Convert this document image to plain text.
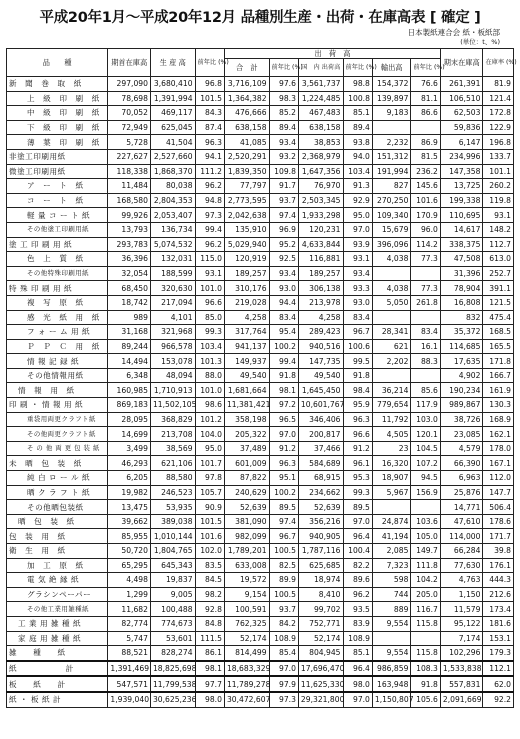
平成20年1月～平成20年12月 品種別生産・出荷・在庫高表 [ 確定 ]
日本製紙連合会 紙・板紙部
(単位：t、%)
品　　種	期首在庫高	生 産 高	前年比 (%)	出　荷　高						期末在庫高	在庫率 (%)
				合　計	前年比 (%)	国　内 出荷高	前年比 (%)	輸出高	前年比 (%)		
新　聞　巻　取　紙	297,090	3,680,410	96.8	3,716,109	97.6	3,561,737	98.8	154,372	76.6	261,391	81.9
上　級　印　刷　紙	78,698	1,391,994	101.5	1,364,382	98.3	1,224,485	100.8	139,897	81.1	106,510	121.4
中　級　印　刷　紙	70,052	469,117	84.3	476,666	85.2	467,483	85.1	9,183	86.6	62,503	172.8
下　級　印　刷　紙	72,949	625,045	87.4	638,158	89.4	638,158	89.4			59,836	122.9
薄　葉　印　刷　紙	5,728	41,504	96.3	41,085	93.4	38,853	93.8	2,232	86.9	6,147	196.8
非塗工印刷用紙	227,627	2,527,660	94.1	2,520,291	93.2	2,368,979	94.0	151,312	81.5	234,996	133.7
微塗工印刷用紙	118,338	1,868,370	111.2	1,839,350	109.8	1,647,356	103.4	191,994	236.2	147,358	101.1
ア　ー　ト　紙	11,484	80,038	96.2	77,797	91.7	76,970	91.3	827	145.6	13,725	260.2
コ　ー　ト　紙	168,580	2,804,353	94.8	2,773,595	93.7	2,503,345	92.9	270,250	101.6	199,338	119.8
軽 量 コ ー ト 紙	99,926	2,053,407	97.3	2,042,638	97.4	1,933,298	95.0	109,340	170.9	110,695	93.1
その他塗工印刷用紙	13,793	136,734	99.4	135,910	96.9	120,231	97.0	15,679	96.0	14,617	148.2
塗 工 印 刷 用 紙	293,783	5,074,532	96.2	5,029,940	95.2	4,633,844	93.9	396,096	114.2	338,375	112.7
色　上　質　紙	36,396	132,031	115.0	120,919	92.5	116,881	93.1	4,038	77.3	47,508	613.0
その他特殊印刷用紙	32,054	188,599	93.1	189,257	93.4	189,257	93.4			31,396	252.7
特 殊 印 刷 用 紙	68,450	320,630	101.0	310,176	93.0	306,138	93.3	4,038	77.3	78,904	391.1
複　写　原　紙	18,742	217,094	96.6	219,028	94.4	213,978	93.0	5,050	261.8	16,808	121.5
感　光　紙　用　紙	989	4,101	85.0	4,258	83.4	4,258	83.4			832	475.4
フ ォ ー ム 用 紙	31,168	321,968	99.3	317,764	95.4	289,423	96.7	28,341	83.4	35,372	168.5
Ｐ　Ｐ　Ｃ　用　紙	89,244	966,578	103.4	941,137	100.2	940,516	100.6	621	16.1	114,685	165.5
情 報 記 録 紙	14,494	153,078	101.3	149,937	99.4	147,735	99.5	2,202	88.3	17,635	171.8
その他情報用紙	6,348	48,094	88.0	49,540	91.8	49,540	91.8			4,902	166.7
情　報　用　紙	160,985	1,710,913	101.0	1,681,664	98.1	1,645,450	98.4	36,214	85.6	190,234	161.9
印 刷 ・ 情 報 用 紙	869,183	11,502,105	98.6	11,381,421	97.2	10,601,767	95.9	779,654	117.9	989,867	130.3
重袋用両更クラフト紙	28,095	368,829	101.2	358,198	96.5	346,406	96.3	11,792	103.0	38,726	168.9
その他両更クラフト紙	14,699	213,708	104.0	205,322	97.0	200,817	96.6	4,505	120.1	23,085	162.1
そ の 他 両 更 包 装 紙	3,499	38,569	95.0	37,489	91.2	37,466	91.2	23	104.5	4,579	178.0
未　晒　包　装　紙	46,293	621,106	101.7	601,009	96.3	584,689	96.1	16,320	107.2	66,390	167.1
純 白 ロ ー ル 紙	6,205	88,580	97.8	87,822	95.1	68,915	95.3	18,907	94.5	6,963	112.0
晒 ク ラ フ ト 紙	19,982	246,523	105.7	240,629	100.2	234,662	99.3	5,967	156.9	25,876	147.7
その他晒包装紙	13,475	53,935	90.9	52,639	89.5	52,639	89.5			14,771	506.4
晒　包　装　紙	39,662	389,038	101.5	381,090	97.4	356,216	97.0	24,874	103.6	47,610	178.6
包　装　用　紙	85,955	1,010,144	101.6	982,099	96.7	940,905	96.4	41,194	105.0	114,000	171.7
衛　生　用　紙	50,720	1,804,765	102.0	1,789,201	100.5	1,787,116	100.4	2,085	149.7	66,284	39.8
加　工　原　紙	65,295	645,343	83.5	633,008	82.5	625,685	82.2	7,323	111.8	77,630	176.1
電 気 絶 縁 紙	4,498	19,837	84.5	19,572	89.9	18,974	89.6	598	104.2	4,763	444.3
グラシンペーパー	1,299	9,005	98.2	9,154	100.5	8,410	96.2	744	205.0	1,150	212.6
その他工業用雑種紙	11,682	100,488	92.8	100,591	93.7	99,702	93.5	889	116.7	11,579	173.4
工 業 用 雑 種 紙	82,774	774,673	84.8	762,325	84.2	752,771	83.9	9,554	115.8	95,122	181.6
家 庭 用 雑 種 紙	5,747	53,601	111.5	52,174	108.9	52,174	108.9			7,174	153.1
雑　　種　　紙	88,521	828,274	86.1	814,499	85.4	804,945	85.1	9,554	115.8	102,296	179.3
紙　　　　　　計	1,391,469	18,825,698	98.1	18,683,329	97.0	17,696,470	96.4	986,859	108.3	1,533,838	112.1
板　　紙　　計	547,571	11,799,538	97.7	11,789,278	97.9	11,625,330	98.0	163,948	91.8	557,831	62.0
紙 ・ 板 紙 計	1,939,040	30,625,236	98.0	30,472,607	97.3	29,321,800	97.0	1,150,807	105.6	2,091,669	92.2
